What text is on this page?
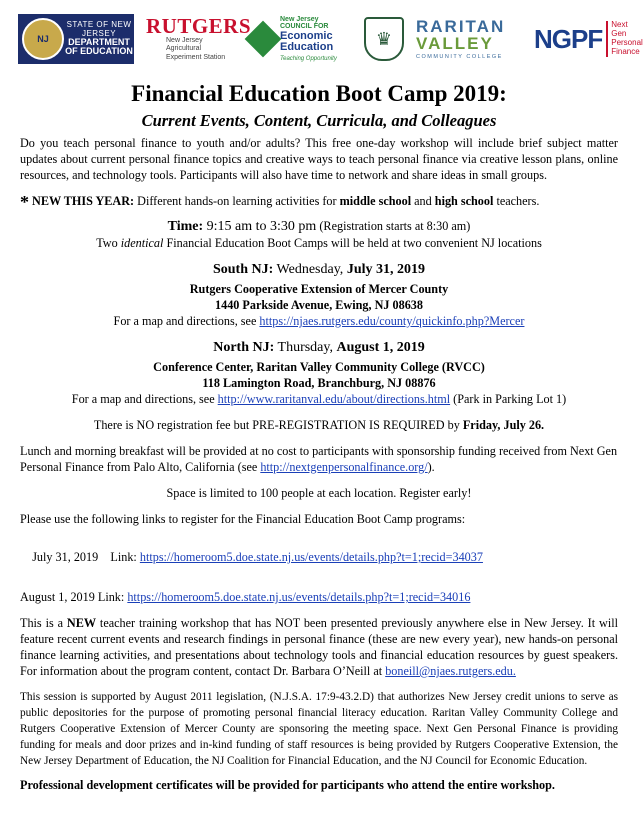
NJ
STATE OF NEW JERSEY
DEPARTMENT OF EDUCATION
RUTGERS
New Jersey Agricultural
Experiment Station
New Jersey
COUNCIL FOR
Economic
Education
Teaching Opportunity
♛
RARITAN
VALLEY
COMMUNITY COLLEGE
NGPF Next Gen
Personal
Finance
Financial Education Boot Camp 2019:
Current Events, Content, Curricula, and Colleagues

Do you teach personal finance to youth and/or adults? This free one-day workshop will include brief subject matter updates about current personal finance topics and creative ways to teach personal finance via creative lesson plans, online resources, and technology tools. Participants will also have time to network and share ideas in small groups.

* NEW THIS YEAR: Different hands-on learning activities for middle school and high school teachers.

Time: 9:15 am to 3:30 pm (Registration starts at 8:30 am)

Two identical Financial Education Boot Camps will be held at two convenient NJ locations

South NJ: Wednesday, July 31, 2019

Rutgers Cooperative Extension of Mercer County

1440 Parkside Avenue, Ewing, NJ 08638

For a map and directions, see https://njaes.rutgers.edu/county/quickinfo.php?Mercer

North NJ: Thursday, August 1, 2019

Conference Center, Raritan Valley Community College (RVCC)

118 Lamington Road, Branchburg, NJ 08876

For a map and directions, see http://www.raritanval.edu/about/directions.html (Park in Parking Lot 1)

There is NO registration fee but PRE-REGISTRATION IS REQUIRED by Friday, July 26.

Lunch and morning breakfast will be provided at no cost to participants with sponsorship funding received from Next Gen Personal Finance from Palo Alto, California (see http://nextgenpersonalfinance.org/).

Space is limited to 100 people at each location. Register early!

Please use the following links to register for the Financial Education Boot Camp programs:

July 31, 2019    Link: https://homeroom5.doe.state.nj.us/events/details.php?t=1;recid=34037

August 1, 2019 Link: https://homeroom5.doe.state.nj.us/events/details.php?t=1;recid=34016

This is a NEW teacher training workshop that has NOT been presented previously anywhere else in New Jersey. It will feature recent current events and research findings in personal finance (these are new every year), new hands-on personal finance learning activities, and presentations about technology tools and financial education resources by guest speakers. For information about the program content, contact Dr. Barbara O’Neill at boneill@njaes.rutgers.edu.

This session is supported by August 2011 legislation, (N.J.S.A. 17:9-43.2.D) that authorizes New Jersey credit unions to serve as public depositories for the purpose of promoting personal financial literacy education. Raritan Valley Community College and Rutgers Cooperative Extension of Mercer County are sponsoring the meeting space. Next Gen Personal Finance is providing funding for meals and door prizes and in-kind funding of staff resources is being provided by Rutgers Cooperative Extension, the New Jersey Department of Education, the NJ Coalition for Financial Education, and the NJ Council for Economic Education.

Professional development certificates will be provided for participants who attend the entire workshop.
